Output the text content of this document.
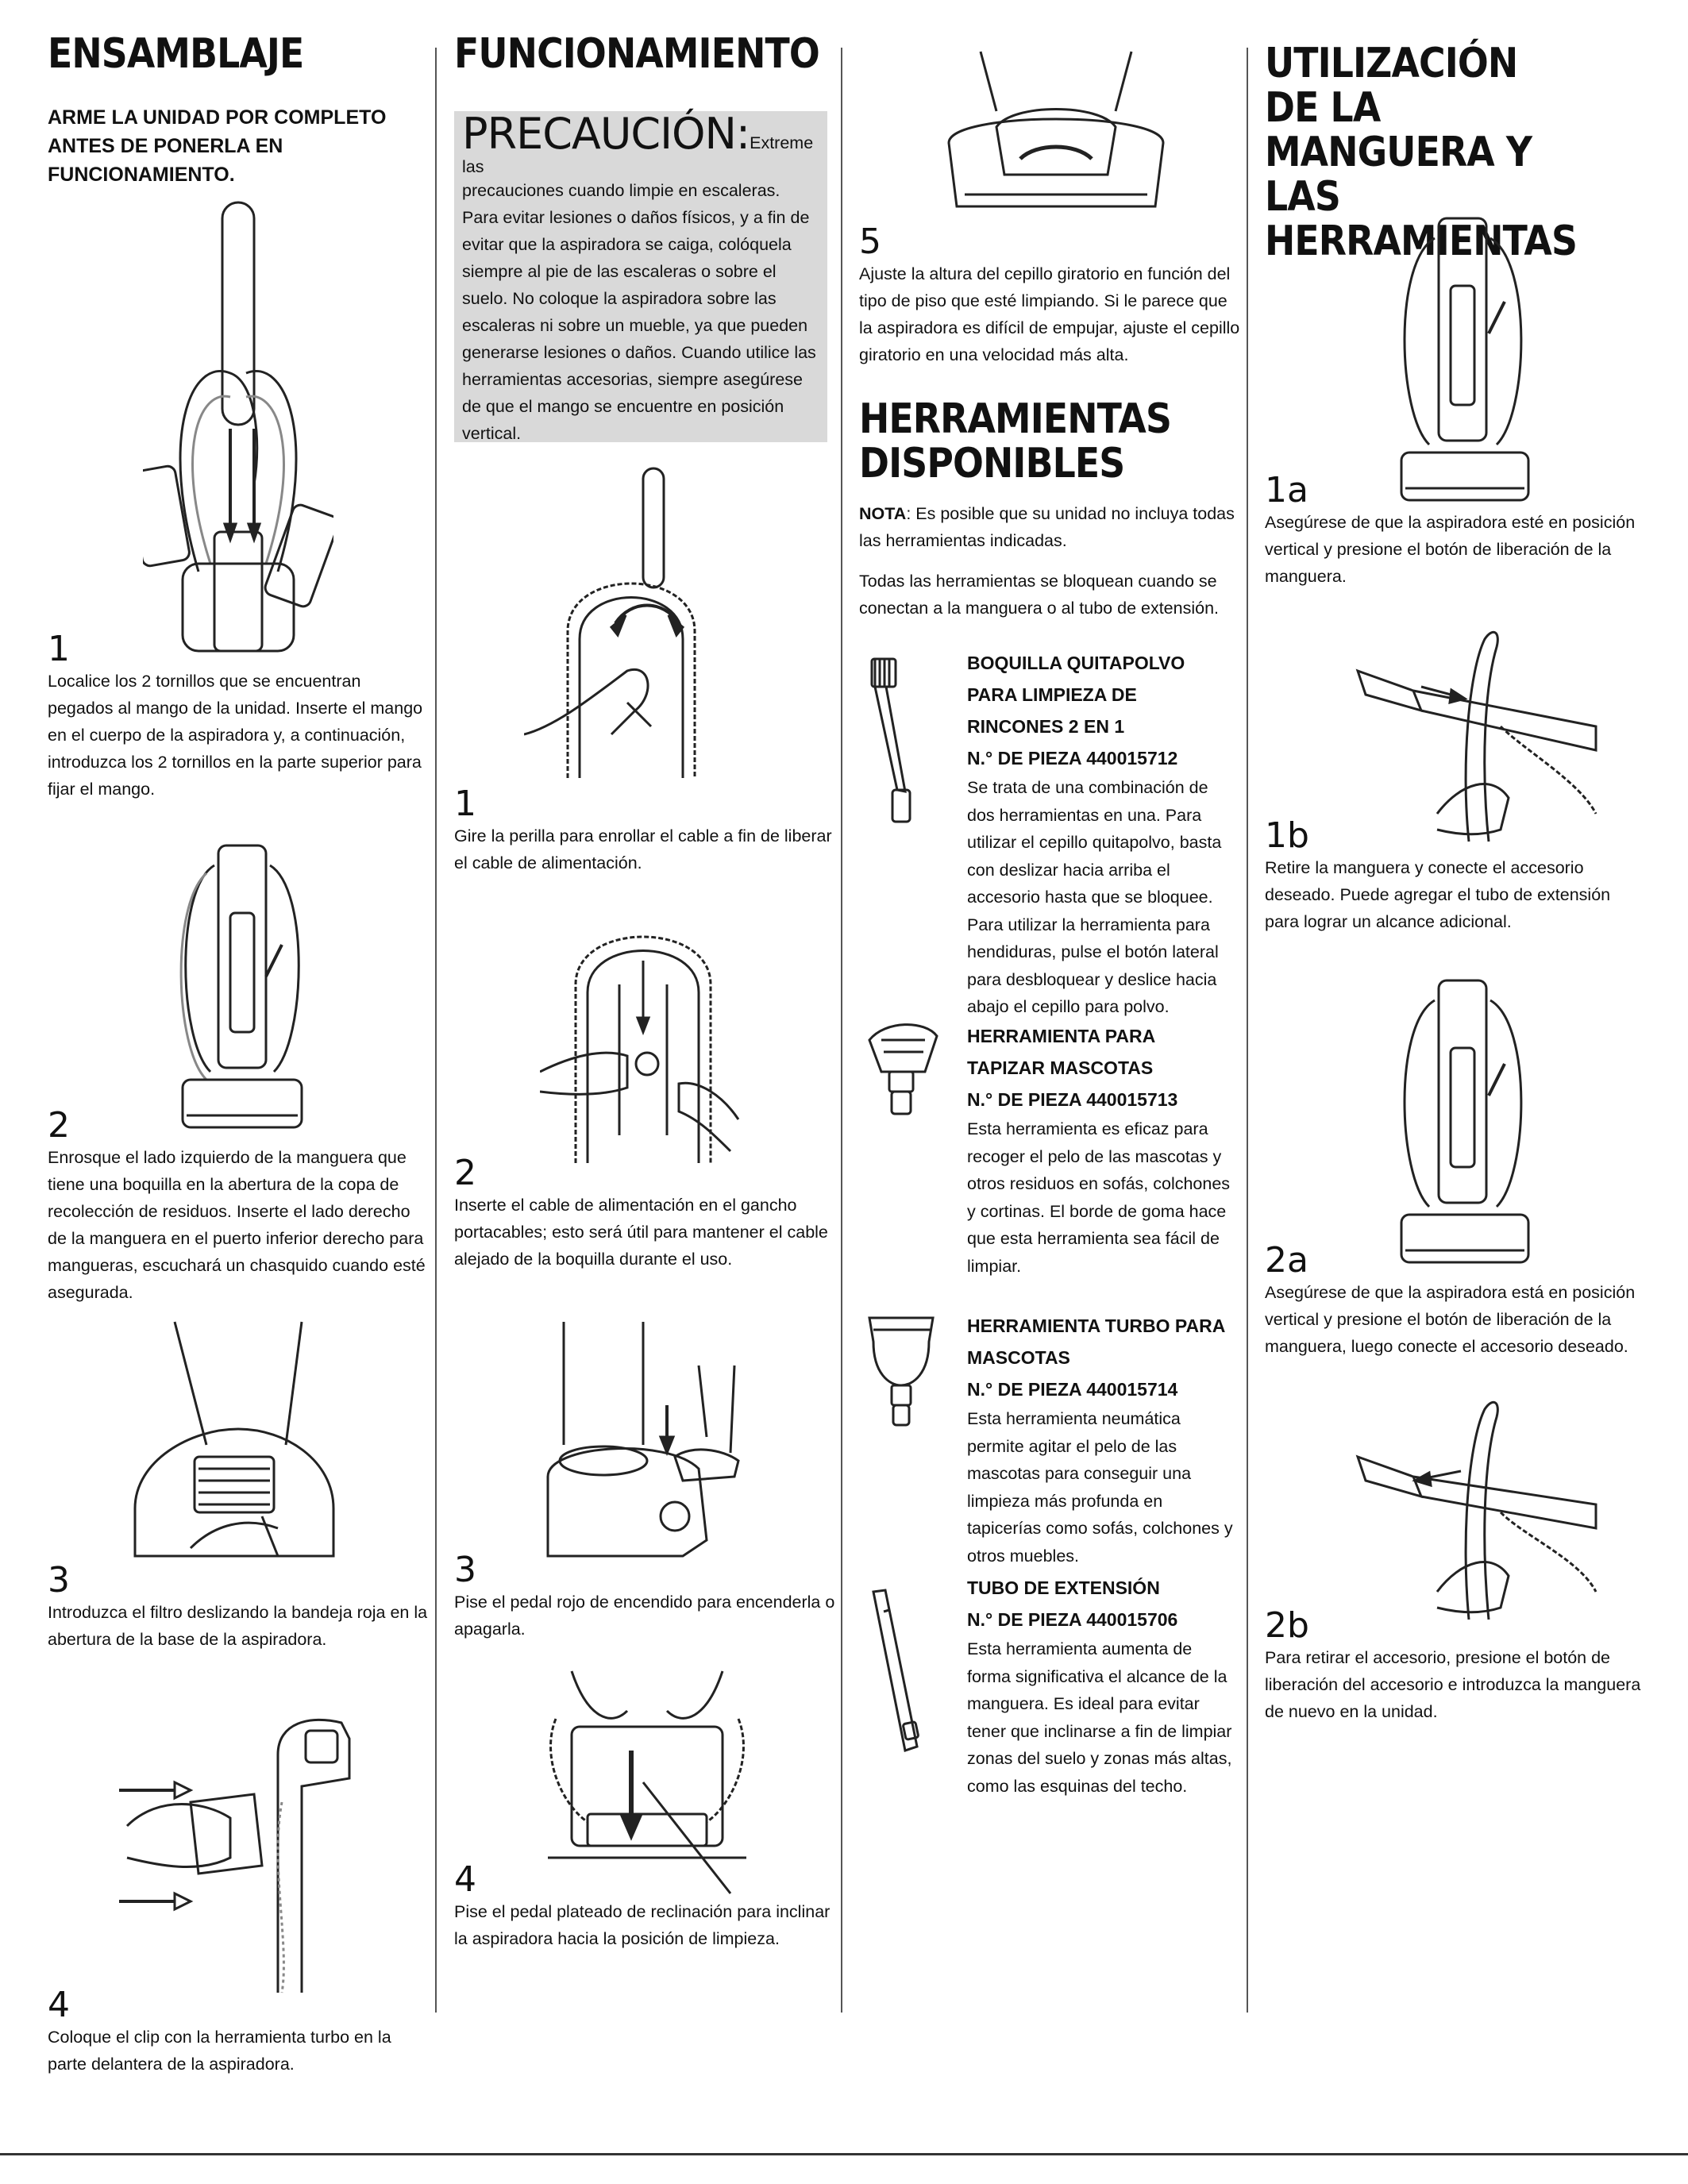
ENSAMBLAJE
ARME LA UNIDAD POR COMPLETO ANTES DE PONERLA EN FUNCIONAMIENTO.
1
Localice los 2 tornillos que se encuentran pegados al mango de la unidad. Inserte el mango en el cuerpo de la aspiradora y, a continuación, introduzca los 2 tornillos en la parte superior para fijar el mango.
2
Enrosque el lado izquierdo de la manguera que tiene una boquilla en la abertura de la copa de recolección de residuos. Inserte el lado derecho de la manguera en el puerto inferior derecho para mangueras, escuchará un chasquido cuando esté asegurada.
3
Introduzca el filtro deslizando la bandeja roja en la abertura de la base de la aspiradora.
4
Coloque el clip con la herramienta turbo en la parte delantera de la aspiradora.
FUNCIONAMIENTO
PRECAUCIÓN:Extreme las
precauciones cuando limpie en escaleras. Para evitar lesiones o daños físicos, y a fin de evitar que la aspiradora se caiga, colóquela siempre al pie de las escaleras o sobre el suelo. No coloque la aspiradora sobre las escaleras ni sobre un mueble, ya que pueden generarse lesiones o daños. Cuando utilice las herramientas accesorias, siempre asegúrese de que el mango se encuentre en posición vertical.
1
Gire la perilla para enrollar el cable a fin de liberar el cable de alimentación.
2
Inserte el cable de alimentación en el gancho portacables; esto será útil para mantener el cable alejado de la boquilla durante el uso.
3
Pise el pedal rojo de encendido para encenderla o apagarla.
4
Pise el pedal plateado de reclinación para inclinar la aspiradora hacia la posición de limpieza.
5
Ajuste la altura del cepillo giratorio en función del tipo de piso que esté limpiando. Si le parece que la aspiradora es difícil de empujar, ajuste el cepillo giratorio en una velocidad más alta.
HERRAMIENTAS DISPONIBLES
NOTA: Es posible que su unidad no incluya todas las herramientas indicadas.
Todas las herramientas se bloquean cuando se conectan a la manguera o al tubo de extensión.
BOQUILLA QUITAPOLVO PARA LIMPIEZA DE RINCONES 2 EN 1
N.° DE PIEZA 440015712
Se trata de una combinación de dos herramientas en una. Para utilizar el cepillo quitapolvo, basta con deslizar hacia arriba el accesorio hasta que se bloquee. Para utilizar la herramienta para hendiduras, pulse el botón lateral para desbloquear y deslice hacia abajo el cepillo para polvo.
HERRAMIENTA PARA TAPIZAR MASCOTAS
N.° DE PIEZA 440015713
Esta herramienta es eficaz para recoger el pelo de las mascotas y otros residuos en sofás, colchones y cortinas. El borde de goma hace que esta herramienta sea fácil de limpiar.
HERRAMIENTA TURBO PARA MASCOTAS
N.° DE PIEZA 440015714
Esta herramienta neumática permite agitar el pelo de las mascotas para conseguir una limpieza más profunda en tapicerías como sofás, colchones y otros muebles.
TUBO DE EXTENSIÓN
N.° DE PIEZA 440015706
Esta herramienta aumenta de forma significativa el alcance de la manguera. Es ideal para evitar tener que inclinarse a fin de limpiar zonas del suelo y zonas más altas, como las esquinas del techo.
UTILIZACIÓN DE LA MANGUERA Y LAS HERRAMIENTAS
1a
Asegúrese de que la aspiradora esté en posición vertical y presione el botón de liberación de la manguera.
1b
Retire la manguera y conecte el accesorio deseado. Puede agregar el tubo de extensión para lograr un alcance adicional.
2a
Asegúrese de que la aspiradora está en posición vertical y presione el botón de liberación de la manguera, luego conecte el accesorio deseado.
2b
Para retirar el accesorio, presione el botón de liberación del accesorio e introduzca la manguera de nuevo en la unidad.
